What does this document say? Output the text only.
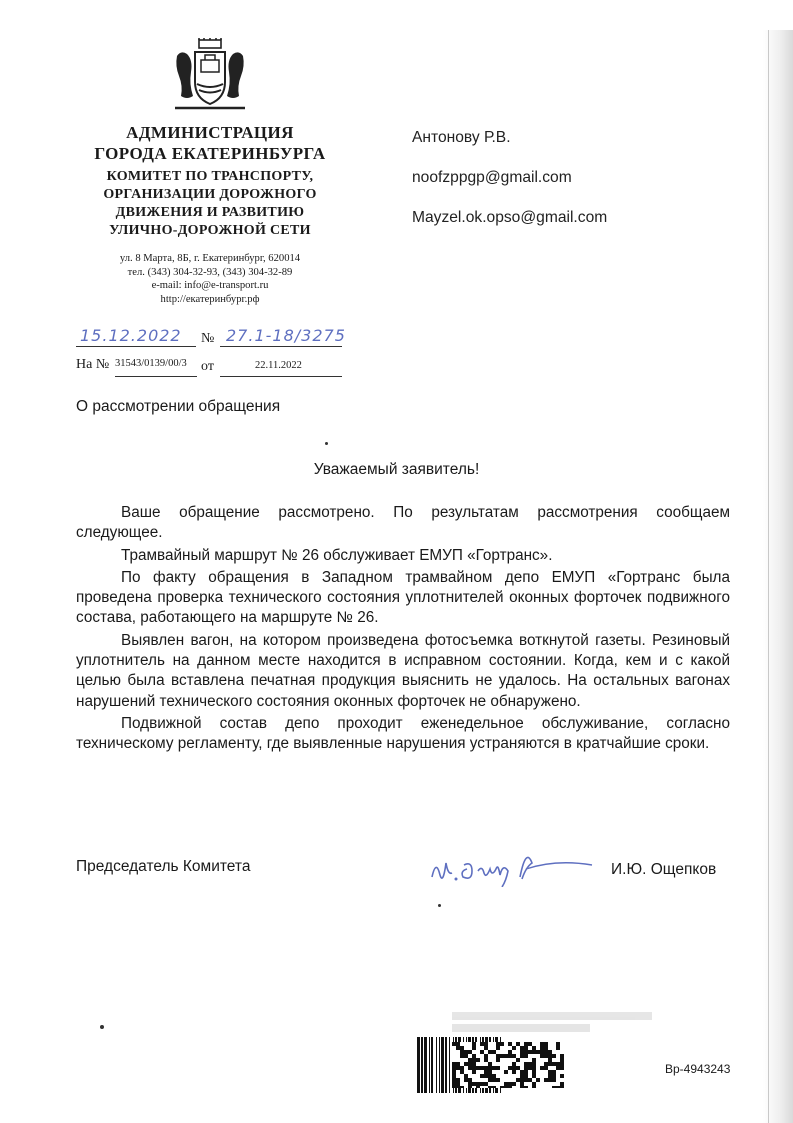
АДМИНИСТРАЦИЯ
ГОРОДА ЕКАТЕРИНБУРГА
КОМИТЕТ ПО ТРАНСПОРТУ,
ОРГАНИЗАЦИИ ДОРОЖНОГО
ДВИЖЕНИЯ И РАЗВИТИЮ
УЛИЧНО-ДОРОЖНОЙ СЕТИ
ул. 8 Марта, 8Б, г. Екатеринбург, 620014
тел. (343) 304-32-93, (343) 304-32-89
e-mail: info@e-transport.ru
http://екатеринбург.рф
Антонову Р.В.
noofzppgp@gmail.com
Mayzel.ok.opso@gmail.com
15.12.2022 № 27.1-18/3275
На № 31543/0139/00/3 от	22.11.2022
О рассмотрении обращения
Уважаемый заявитель!

Ваше обращение рассмотрено. По результатам рассмотрения сообщаем следующее.

Трамвайный маршрут № 26 обслуживает ЕМУП «Гортранс».

По факту обращения в Западном трамвайном депо ЕМУП «Гортранс была проведена проверка технического состояния уплотнителей оконных форточек подвижного состава, работающего на маршруте № 26.

Выявлен вагон, на котором произведена фотосъемка воткнутой газеты. Резиновый уплотнитель на данном месте находится в исправном состоянии. Когда, кем и с какой целью была вставлена печатная продукция выяснить не удалось. На остальных вагонах нарушений технического состояния оконных форточек не обнаружено.

Подвижной состав депо проходит еженедельное обслуживание, согласно техническому регламенту, где выявленные нарушения устраняются в кратчайшие сроки.

Председатель Комитета	И.Ю. Ощепков
Вр-4943243
